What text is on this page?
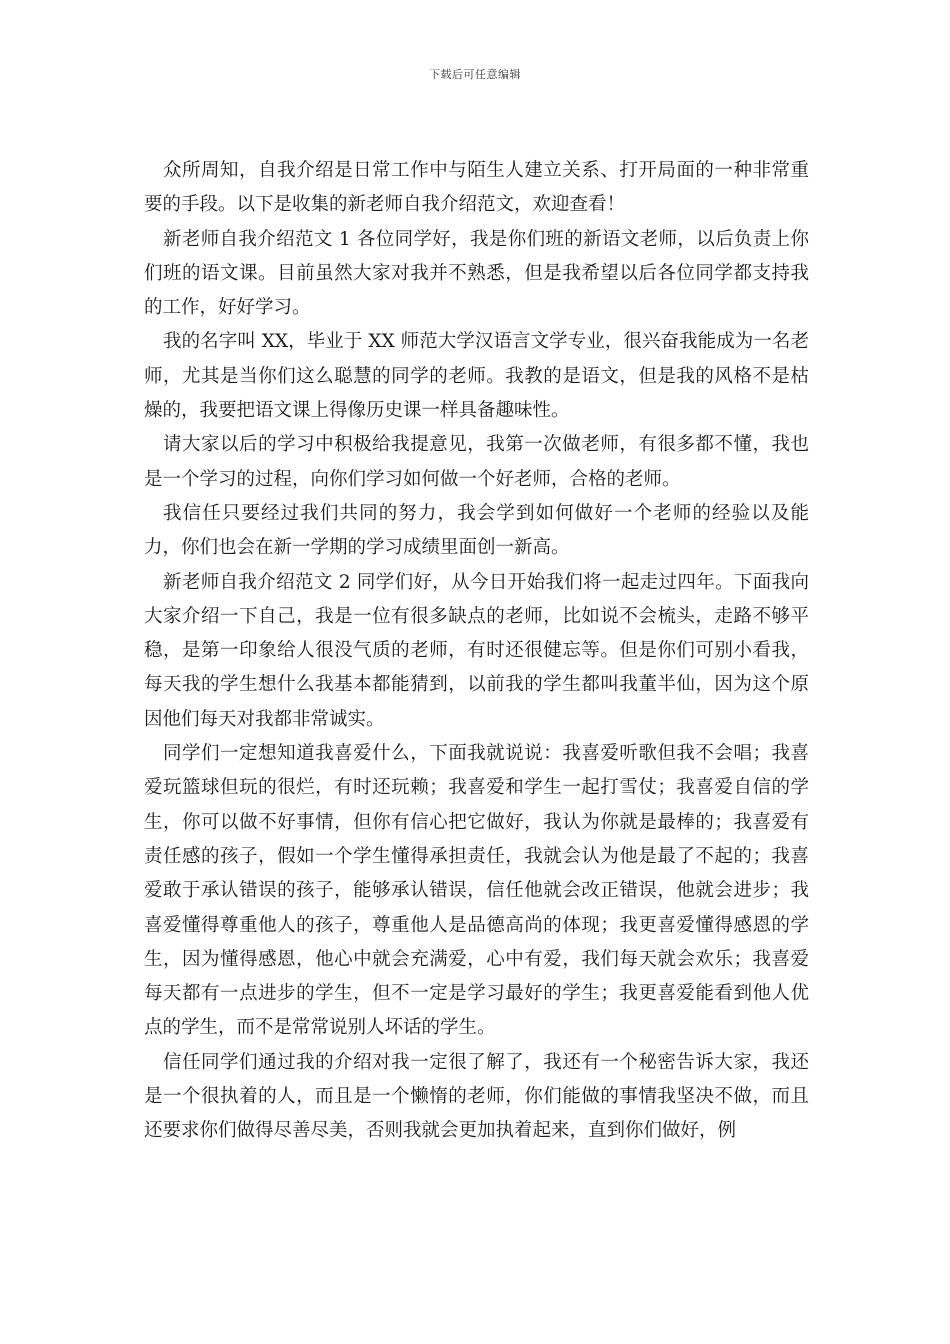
下载后可任意编辑

众所周知，自我介绍是日常工作中与陌生人建立关系、打开局面的一种非常重要的手段。以下是收集的新老师自我介绍范文，欢迎查看！

新老师自我介绍范文 1 各位同学好，我是你们班的新语文老师，以后负责上你们班的语文课。目前虽然大家对我并不熟悉，但是我希望以后各位同学都支持我的工作，好好学习。

我的名字叫 XX，毕业于 XX 师范大学汉语言文学专业，很兴奋我能成为一名老师，尤其是当你们这么聪慧的同学的老师。我教的是语文，但是我的风格不是枯燥的，我要把语文课上得像历史课一样具备趣味性。

请大家以后的学习中积极给我提意见，我第一次做老师，有很多都不懂，我也是一个学习的过程，向你们学习如何做一个好老师，合格的老师。

我信任只要经过我们共同的努力，我会学到如何做好一个老师的经验以及能力，你们也会在新一学期的学习成绩里面创一新高。

新老师自我介绍范文 2 同学们好，从今日开始我们将一起走过四年。下面我向大家介绍一下自己，我是一位有很多缺点的老师，比如说不会梳头，走路不够平稳，是第一印象给人很没气质的老师，有时还很健忘等。但是你们可别小看我，每天我的学生想什么我基本都能猜到，以前我的学生都叫我董半仙，因为这个原因他们每天对我都非常诚实。

同学们一定想知道我喜爱什么，下面我就说说：我喜爱听歌但我不会唱；我喜爱玩篮球但玩的很烂，有时还玩赖；我喜爱和学生一起打雪仗；我喜爱自信的学生，你可以做不好事情，但你有信心把它做好，我认为你就是最棒的；我喜爱有责任感的孩子，假如一个学生懂得承担责任，我就会认为他是最了不起的；我喜爱敢于承认错误的孩子，能够承认错误，信任他就会改正错误，他就会进步；我喜爱懂得尊重他人的孩子，尊重他人是品德高尚的体现；我更喜爱懂得感恩的学生，因为懂得感恩，他心中就会充满爱，心中有爱，我们每天就会欢乐；我喜爱每天都有一点进步的学生，但不一定是学习最好的学生；我更喜爱能看到他人优点的学生，而不是常常说别人坏话的学生。

信任同学们通过我的介绍对我一定很了解了，我还有一个秘密告诉大家，我还是一个很执着的人，而且是一个懒惰的老师，你们能做的事情我坚决不做，而且还要求你们做得尽善尽美，否则我就会更加执着起来，直到你们做好，例
